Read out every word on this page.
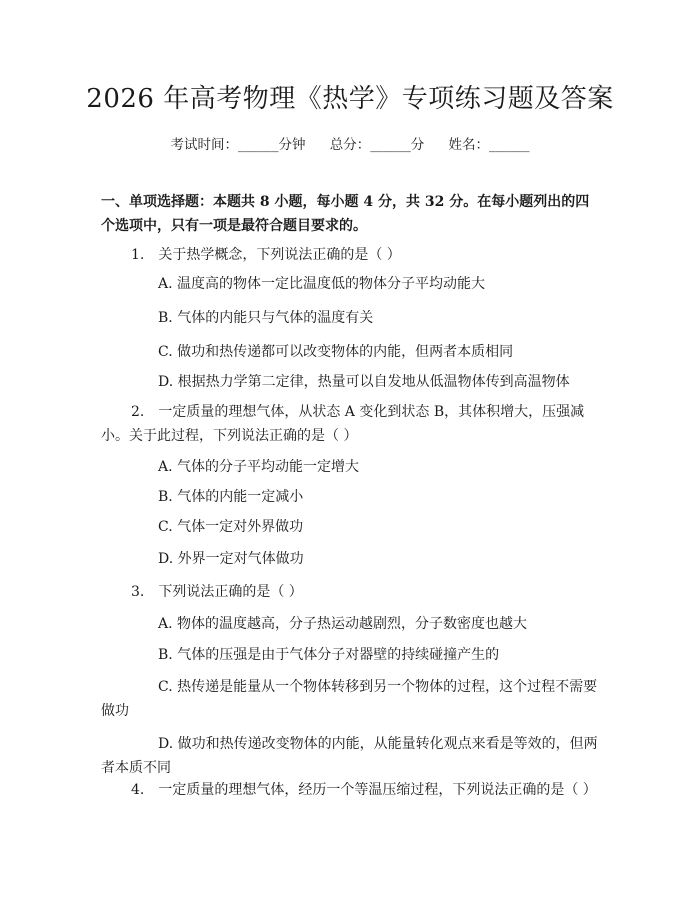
2026 年高考物理《热学》专项练习题及答案
考试时间：______分钟 总分：______分 姓名：______
一、单项选择题：本题共 8 小题，每小题 4 分，共 32 分。在每小题列出的四个选项中，只有一项是最符合题目要求的。
1.　关于热学概念，下列说法正确的是（ ）
A. 温度高的物体一定比温度低的物体分子平均动能大
B. 气体的内能只与气体的温度有关
C. 做功和热传递都可以改变物体的内能，但两者本质相同
D. 根据热力学第二定律，热量可以自发地从低温物体传到高温物体
2.　一定质量的理想气体，从状态 A 变化到状态 B，其体积增大，压强减小。关于此过程，下列说法正确的是（ ）
A. 气体的分子平均动能一定增大
B. 气体的内能一定减小
C. 气体一定对外界做功
D. 外界一定对气体做功
3.　下列说法正确的是（ ）
A. 物体的温度越高，分子热运动越剧烈，分子数密度也越大
B. 气体的压强是由于气体分子对器壁的持续碰撞产生的
C. 热传递是能量从一个物体转移到另一个物体的过程，这个过程不需要做功
D. 做功和热传递改变物体的内能，从能量转化观点来看是等效的，但两者本质不同
4.　一定质量的理想气体，经历一个等温压缩过程，下列说法正确的是（ ）
